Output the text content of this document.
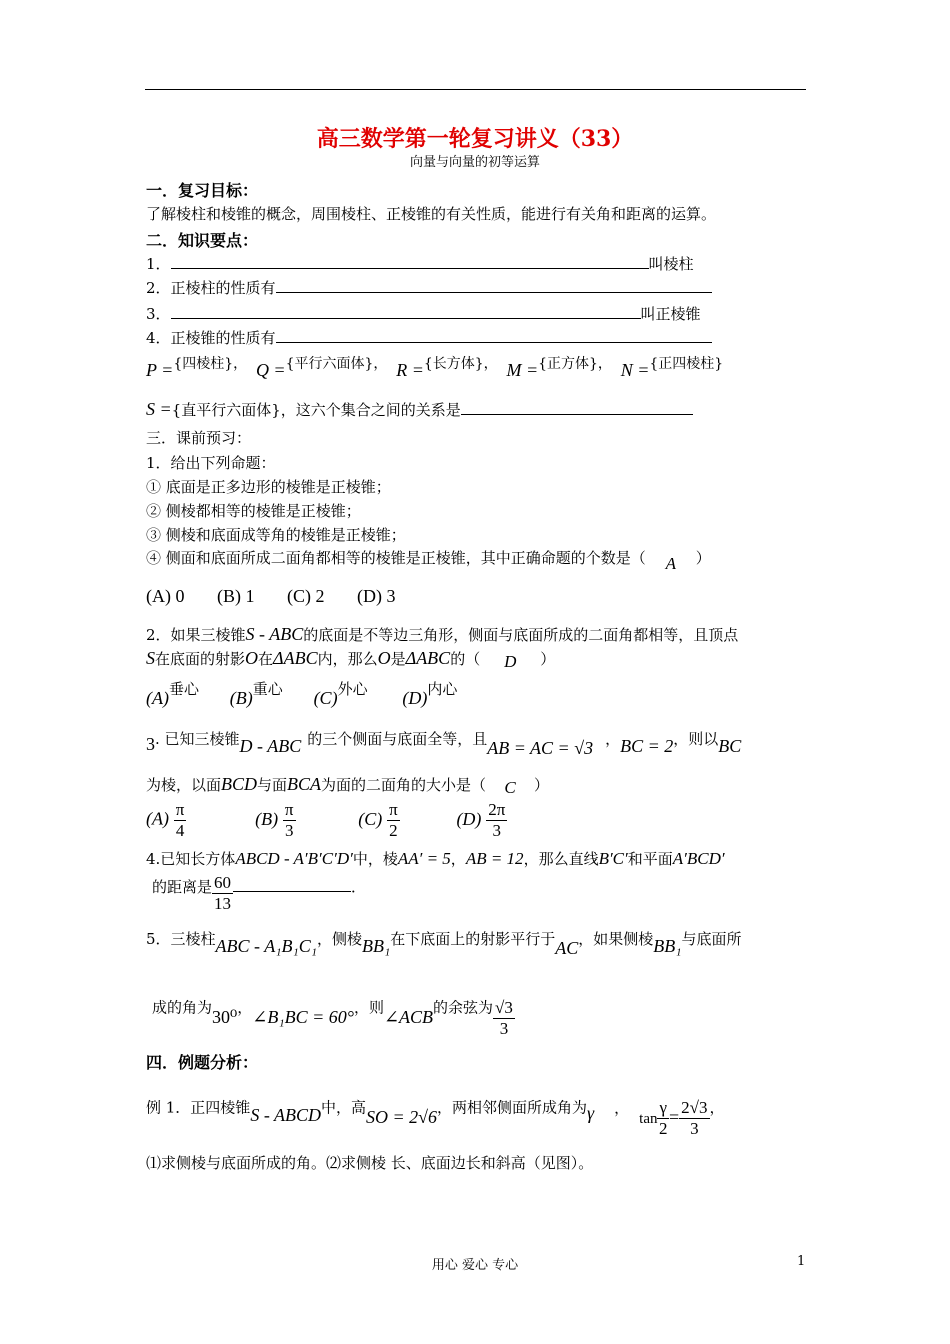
高三数学第一轮复习讲义（33）
向量与向量的初等运算
一．复习目标：
了解棱柱和棱锥的概念，周围棱柱、正棱锥的有关性质，能进行有关角和距离的运算。
二．知识要点：
1．	叫棱柱
2．正棱柱的性质有
3．	叫正棱锥
4．正棱锥的性质有
P ={四棱柱}， Q ={平行六面体}， R ={长方体}， M ={正方体}， N ={正四棱柱}
S ={直平行六面体}，这六个集合之间的关系是
三．课前预习：
1．给出下列命题：
① 底面是正多边形的棱锥是正棱锥；
② 侧棱都相等的棱锥是正棱锥；
③ 侧棱和底面成等角的棱锥是正棱锥；
④ 侧面和底面所成二面角都相等的棱锥是正棱锥，其中正确命题的个数是（ A ）
(A) 0 (B) 1 (C) 2 (D) 3
2．如果三棱锥S - ABC的底面是不等边三角形，侧面与底面所成的二面角都相等，且顶点
S在底面的射影O在ΔABC内，那么O是ΔABC的（ D ）
(A)垂心 (B)重心 (C)外心 (D)内心
3. 已知三棱锥D - ABC 的三个侧面与底面全等，且AB = AC = √3 ，BC = 2，则以BC
为棱，以面BCD与面BCA为面的二面角的大小是（ C ）
$(A) \frac{\pi}{4}$	$(B) \frac{\pi}{3}$	$(C) \frac{\pi}{2}$	$(D) \frac{2\pi}{3}$
4.已知长方体ABCD - A′B′C′D′中，棱AA′ = 5，AB = 12，那么直线B′C′和平面A′BCD′
的距离是 $\frac{60}{13}$	．
5．三棱柱ABC - A₁B₁C₁，侧棱BB₁在下底面上的射影平行于AC，如果侧棱BB₁与底面所
成的角为30⁰，∠B₁BC = 60°，则∠ACB的余弦为 $\frac{√3}{3}$
四．例题分析：
例 1．正四棱锥S - ABCD中，高SO = 2√6，两相邻侧面所成角为γ ，$\tan \frac{\gamma}{2} = \frac{2√3}{3}$ ，
⑴求侧棱与底面所成的角。⑵求侧棱 长、底面边长和斜高（见图）。
用心 爱心 专心	1
